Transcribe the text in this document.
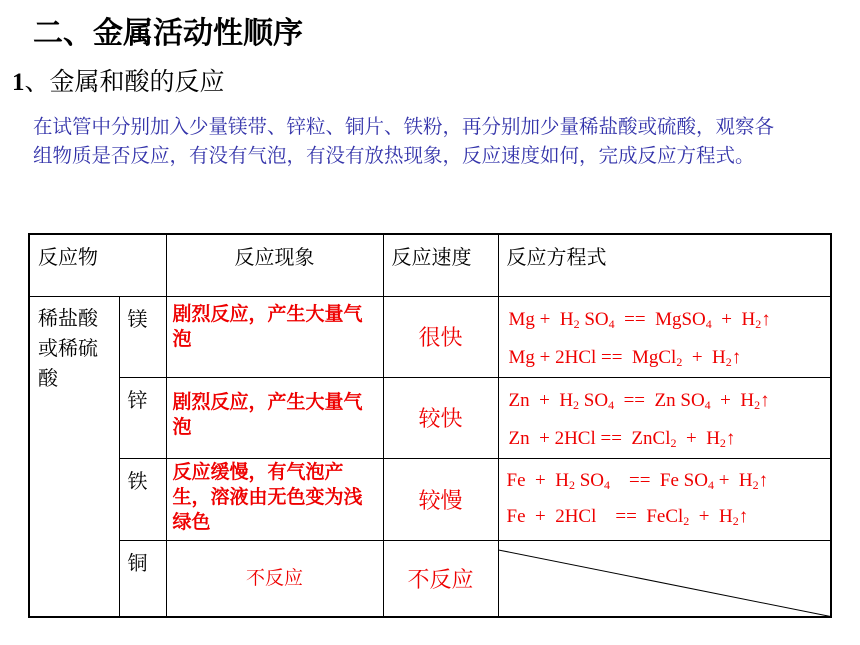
二、金属活动性顺序
1、金属和酸的反应
在试管中分别加入少量镁带、锌粒、铜片、铁粉，再分别加少量稀盐酸或硫酸，观察各组物质是否反应，有没有气泡，有没有放热现象，反应速度如何，完成反应方程式。
反应物		反应现象	反应速度	反应方程式
稀盐酸或稀硫酸	镁	剧烈反应，产生大量气泡	很快	$Mg + H_2$ $SO_4$  ==  MgSO$_4$  +  $H_2↑$
Mg + 2HCl ==  MgCl$_2$  +  $H_2↑$

	锌	剧烈反应，产生大量气泡	较快	$Zn + H_2$ $SO_4 == Zn$ $SO_4$  +  $H_2↑$
Zn  + 2HCl ==  ZnCl$_2$  +  $H_2↑$

	铁	反应缓慢，有气泡产生，溶液由无色变为浅绿色	较慢	$Fe + H_2$ $SO_4$    ==  Fe $SO_4$ +  $H_2↑$
Fe  +  2HCl    ==  FeCl$_2$  +  $H_2↑$

	铜	不反应	不反应	
